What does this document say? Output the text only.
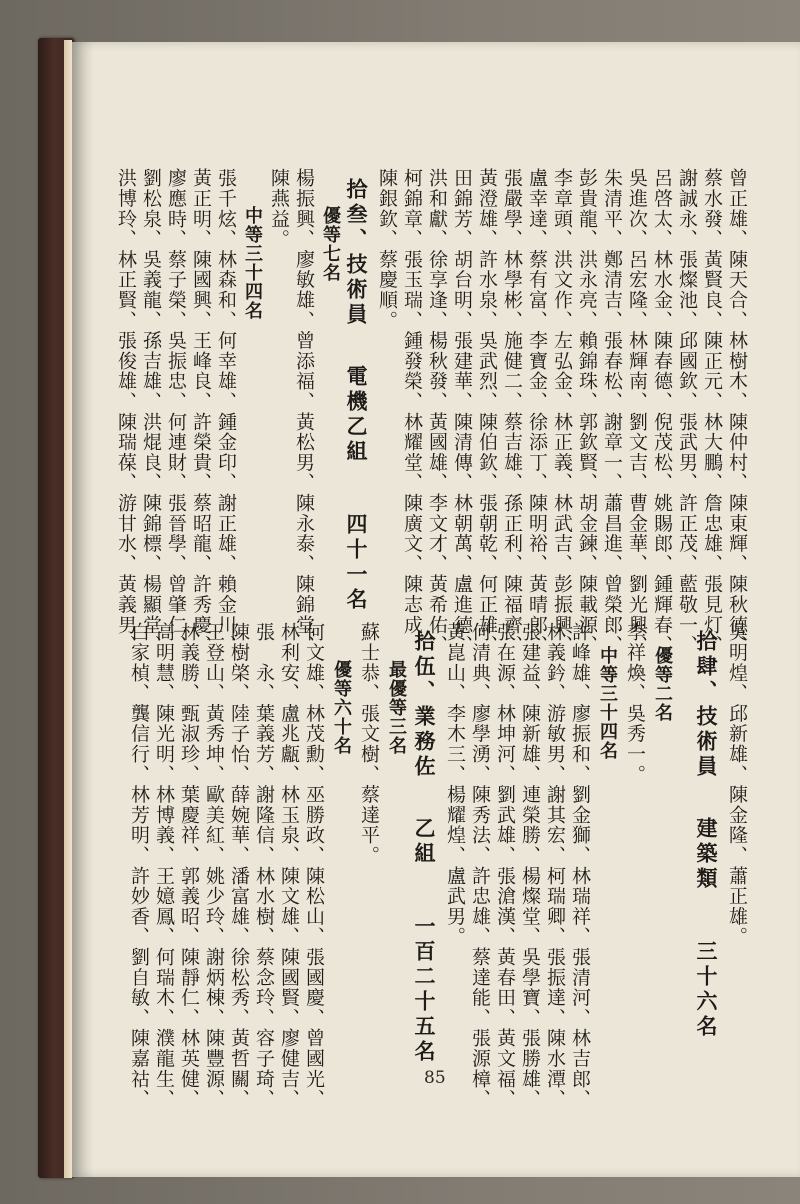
曾正雄、陳天合、林樹木、陳仲村、陳東輝、陳秋德、
蔡水發、黃賢良、陳正元、林大鵬、詹忠雄、張見灯、
謝誠永、張燦池、邱國欽、張武男、許正茂、藍敬一、
呂啓太、林水金、陳春德、倪茂松、姚賜郎、鍾輝春、
吳進次、呂宏隆、林輝南、劉文吉、曹金華、劉光興、
朱清平、鄭清吉、張春松、謝章一、蕭昌進、曾榮郎、
彭貴龍、洪永亮、賴錦珠、郭欽賢、胡金鍊、陳載源、
李章頭、洪文作、左弘金、林正義、林武吉、彭振興、
盧幸達、蔡有富、李寶金、徐添丁、陳明裕、黃晴郎、
張嚴學、林學彬、施健二、蔡吉雄、孫正利、陳福齊、
黃澄雄、許水泉、吳武烈、陳伯欽、張朝乾、何正雄、
田錦芳、胡台明、張建華、陳清傳、林朝萬、盧進德、
洪和獻、徐享逢、楊秋發、黃國雄、李文才、黃希佑、
柯錦章、張玉瑞、鍾發榮、林耀堂、陳廣文、陳志成、
陳銀欽、蔡慶順。
拾叁、技術員 電機乙組 四十一名
優等七名
楊振興、廖敏雄、曾添福、黃松男、陳永泰、陳錦堂、
陳燕益。
中等三十四名
張千炫、林森和、何幸雄、鍾金印、謝正雄、賴金川、
黃正明、陳國興、王峰良、許榮貴、蔡昭龍、許秀慶、
廖應時、蔡子榮、吳振忠、何連財、張晉學、曾肇仁、
劉松泉、吳義龍、孫吉雄、洪焜良、陳錦標、楊顯堂、
洪博玲、林正賢、張俊雄、陳瑞葆、游甘水、黃義男、
吳明煌、邱新雄、陳金隆、蕭正雄。
拾肆、技術員 建築類 三十六名
優等二名
李祥煥、吳秀一。
中等三十四名
許峰雄、廖振和、劉金獅、林瑞祥、張清河、林吉郎、
林義鈐、游敏男、謝其宏、柯瑞卿、張振達、陳水潭、
張建益、陳新雄、連榮勝、楊燦堂、吳學寶、張勝雄、
張在源、林坤河、劉武雄、張滄漢、黃春田、黃文福、
何清典、廖學湧、陳秀法、許忠雄、蔡達能、張源樟、
黃崑山、李木三、楊耀煌、盧武男。
拾伍、業務佐 乙組 一百二十五名
最優等三名
蘇士恭、張文樹、蔡達平。
優等六十名
何文雄、林茂勳、巫勝政、陳松山、張國慶、曾國光、
林利安、盧兆甗、林玉泉、陳文雄、陳國賢、廖健吉、
張　永、葉義芳、謝隆信、林水樹、蔡念玲、容子琦、
陳樹棨、陸子怡、薛婉華、潘富雄、徐松秀、黃哲關、
王登山、黃秀坤、歐美紅、姚少玲、謝炳棟、陳豐源、
林義勝、甄淑珍、葉慶祥、郭義昭、陳靜仁、林英健、
高明慧、陳光明、林博義、王嬑鳳、何瑞木、濮龍生、
白家楨、龔信行、林芳明、許妙香、劉自敏、陳嘉祜、	85
